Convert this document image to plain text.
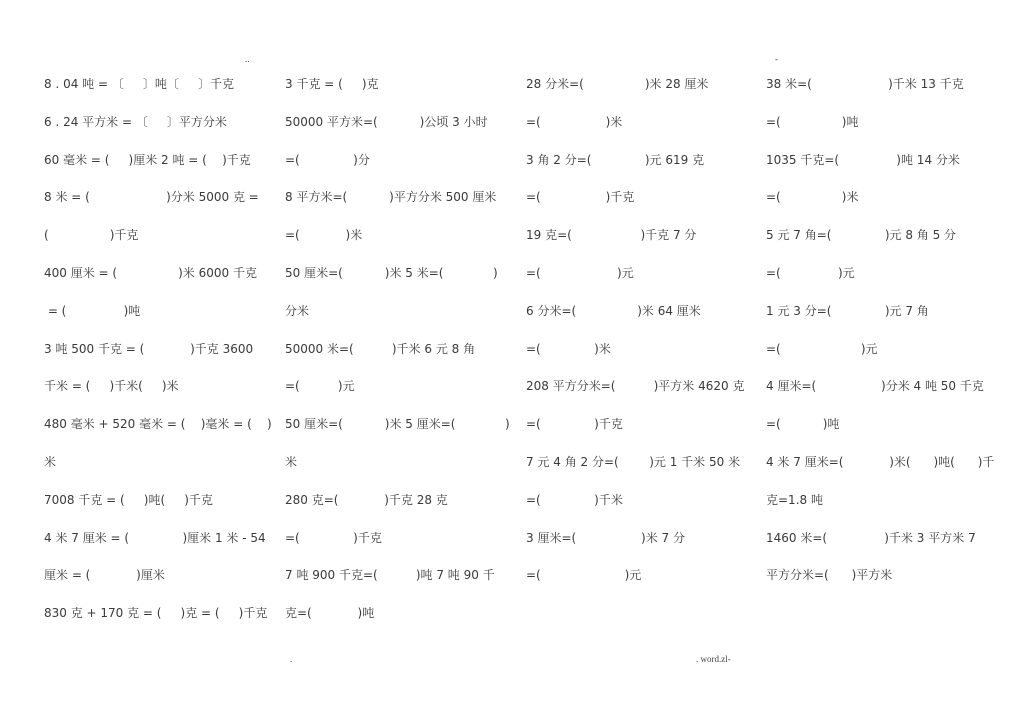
..	-
8 . 04 吨 = 〔     〕吨〔     〕千克
6 . 24 平方米 = 〔     〕平方分米
60 毫米 = (     )厘米 2 吨 = (    )千克
8 米 = (                    )分米 5000 克 =
(                )千克
400 厘米 = (                )米 6000 千克
= (               )吨
3 吨 500 千克 = (            )千克 3600
千米 = (     )千米(     )米
480 毫米 + 520 毫米 = (    )毫米 = (    )
米
7008 千克 = (     )吨(     )千克
4 米 7 厘米 = (              )厘米 1 米 - 54
厘米 = (            )厘米
830 克 + 170 克 = (     )克 = (     )千克
3 千克 = (     )克
50000 平方米=(           )公顷 3 小时
=(              )分
8 平方米=(           )平方分米 500 厘米
=(            )米
50 厘米=(           )米 5 米=(             )
分米
50000 米=(          )千米 6 元 8 角
=(          )元
50 厘米=(           )米 5 厘米=(             )
米
280 克=(            )千克 28 克
=(              )千克
7 吨 900 千克=(          )吨 7 吨 90 千
克=(            )吨
28 分米=(                )米 28 厘米
=(                 )米
3 角 2 分=(              )元 619 克
=(                 )千克
19 克=(                  )千克 7 分
=(                    )元
6 分米=(                )米 64 厘米
=(              )米
208 平方分米=(          )平方米 4620 克
=(              )千克
7 元 4 角 2 分=(        )元 1 千米 50 米
=(              )千米
3 厘米=(                 )米 7 分
=(                      )元
38 米=(                    )千米 13 千克
=(                )吨
1035 千克=(               )吨 14 分米
=(                )米
5 元 7 角=(              )元 8 角 5 分
=(               )元
1 元 3 分=(              )元 7 角
=(                     )元
4 厘米=(                 )分米 4 吨 50 千克
=(           )吨
4 米 7 厘米=(            )米(      )吨(      )千
克=1.8 吨
1460 米=(               )千米 3 平方米 7
平方分米=(      )平方米
.	. word.zl-
